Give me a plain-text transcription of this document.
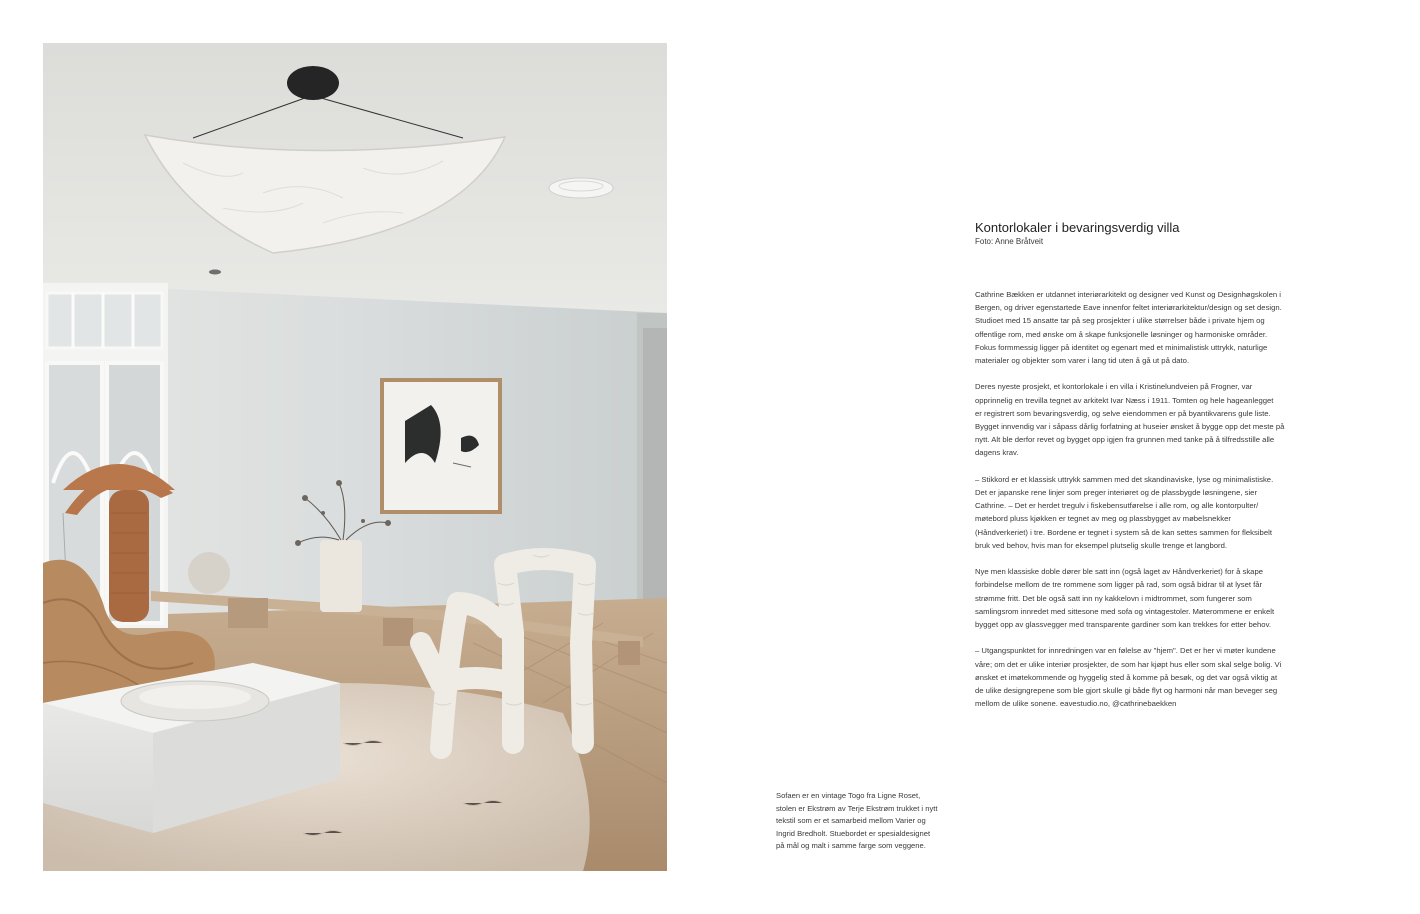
Sofaen er en vintage Togo fra Ligne Roset,
stolen er Ekstrøm av Terje Ekstrøm trukket i nytt
tekstil som er et samarbeid mellom Varier og
Ingrid Bredholt. Stuebordet er spesialdesignet
på mål og malt i samme farge som veggene.
Kontorlokaler i bevaringsverdig villa

Foto: Anne Bråtveit

Cathrine Bækken er utdannet interiørarkitekt og designer ved Kunst og Designhøgskolen i
Bergen, og driver egenstartede Eave innenfor feltet interiørarkitektur/design og set design.
Studioet med 15 ansatte tar på seg prosjekter i ulike størrelser både i private hjem og
offentlige rom, med ønske om å skape funksjonelle løsninger og harmoniske områder.
Fokus formmessig ligger på identitet og egenart med et minimalistisk uttrykk, naturlige
materialer og objekter som varer i lang tid uten å gå ut på dato.

Deres nyeste prosjekt, et kontorlokale i en villa i Kristinelundveien på Frogner, var
opprinnelig en trevilla tegnet av arkitekt Ivar Næss i 1911. Tomten og hele hageanlegget
er registrert som bevaringsverdig, og selve eiendommen er på byantikvarens gule liste.
Bygget innvendig var i såpass dårlig forfatning at huseier ønsket å bygge opp det meste på
nytt. Alt ble derfor revet og bygget opp igjen fra grunnen med tanke på å tilfredsstille alle
dagens krav.

– Stikkord er et klassisk uttrykk sammen med det skandinaviske, lyse og minimalistiske.
Det er japanske rene linjer som preger interiøret og de plassbygde løsningene, sier
Cathrine. – Det er herdet tregulv i fiskebensutførelse i alle rom, og alle kontorpulter/
møtebord pluss kjøkken er tegnet av meg og plassbygget av møbelsnekker
(Håndverkeriet) i tre. Bordene er tegnet i system så de kan settes sammen for fleksibelt
bruk ved behov, hvis man for eksempel plutselig skulle trenge et langbord.

Nye men klassiske doble dører ble satt inn (også laget av Håndverkeriet) for å skape
forbindelse mellom de tre rommene som ligger på rad, som også bidrar til at lyset får
strømme fritt. Det ble også satt inn ny kakkelovn i midtrommet, som fungerer som
samlingsrom innredet med sittesone med sofa og vintagestoler. Møterommene er enkelt
bygget opp av glassvegger med transparente gardiner som kan trekkes for etter behov.

– Utgangspunktet for innredningen var en følelse av "hjem". Det er her vi møter kundene
våre; om det er ulike interiør prosjekter, de som har kjøpt hus eller som skal selge bolig. Vi
ønsket et imøtekommende og hyggelig sted å komme på besøk, og det var også viktig at
de ulike designgrepene som ble gjort skulle gi både flyt og harmoni når man beveger seg
mellom de ulike sonene. eavestudio.no, @cathrinebaekken
